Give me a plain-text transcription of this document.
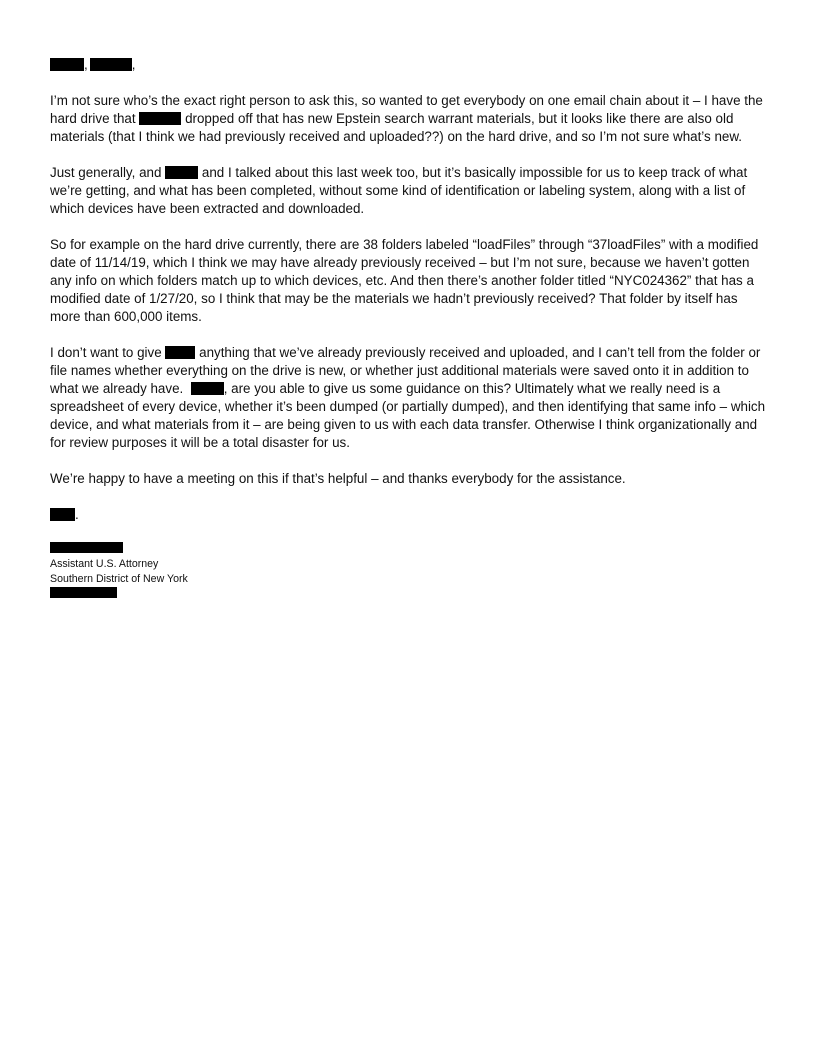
,	,

I’m not sure who’s the exact right person to ask this, so wanted to get everybody on one email chain about it – I have the hard drive that	dropped off that has new Epstein search warrant materials, but it looks like there are also old materials (that I think we had previously received and uploaded??) on the hard drive, and so I’m not sure what’s new.

Just generally, and	and I talked about this last week too, but it’s basically impossible for us to keep track of what we’re getting, and what has been completed, without some kind of identification or labeling system, along with a list of which devices have been extracted and downloaded.

So for example on the hard drive currently, there are 38 folders labeled “loadFiles” through “37loadFiles” with a modified date of 11/14/19, which I think we may have already previously received – but I’m not sure, because we haven’t gotten any info on which folders match up to which devices, etc. And then there’s another folder titled “NYC024362” that has a modified date of 1/27/20, so I think that may be the materials we hadn’t previously received? That folder by itself has more than 600,000 items.

I don’t want to give	anything that we’ve already previously received and uploaded, and I can’t tell from the folder or file names whether everything on the drive is new, or whether just additional materials were saved onto it in addition to what we already have.	, are you able to give us some guidance on this? Ultimately what we really need is a spreadsheet of every device, whether it’s been dumped (or partially dumped), and then identifying that same info – which device, and what materials from it – are being given to us with each data transfer. Otherwise I think organizationally and for review purposes it will be a total disaster for us.

We’re happy to have a meeting on this if that’s helpful – and thanks everybody for the assistance.

.
Assistant U.S. Attorney
Southern District of New York
